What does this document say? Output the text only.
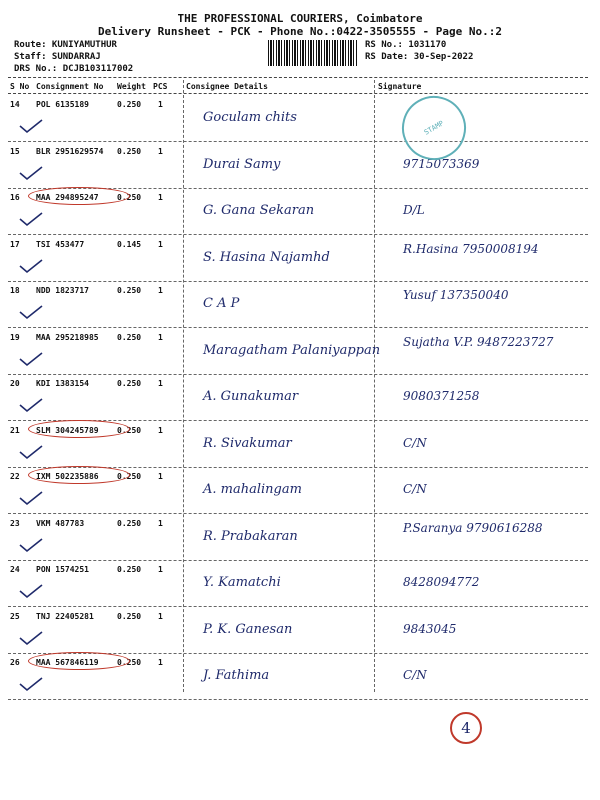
THE PROFESSIONAL COURIERS, Coimbatore
Delivery Runsheet - PCK - Phone No.:0422-3505555 - Page No.:2
Route: KUNIYAMUTHUR
Staff: SUNDARRAJ
DRS No.: DCJB103117002
RS No.: 1031170
RS Date: 30-Sep-2022
S No Consignment No Weight PCS Consignee Details	Signature
14 POL 6135189	0.250 1
Goculam chits
15 BLR 2951629574 0.250 1
Durai Samy	9715073369
16 MAA 294895247 0.250 1
G. Gana Sekaran	D/L
17 TSI 453477	0.145 1
S. Hasina Najamhd
R.Hasina 7950008194
18 NDD 1823717	0.250 1
C A P
Yusuf 137350040
19 MAA 295218985 0.250 1
Maragatham Palaniyappan
Sujatha V.P. 9487223727
20 KDI 1383154	0.250 1
A. Gunakumar	9080371258
21 SLM 304245789 0.250 1
R. Sivakumar	C/N
22 IXM 502235886 0.250 1
A. mahalingam	C/N
23 VKM 487783	0.250 1
R. Prabakaran
P.Saranya 9790616288
24 PON 1574251	0.250 1
Y. Kamatchi	8428094772
25 TNJ 22405281	0.250 1
P. K. Ganesan	9843045
26 MAA 567846119 0.250 1
J. Fathima	C/N
STAMP
4
